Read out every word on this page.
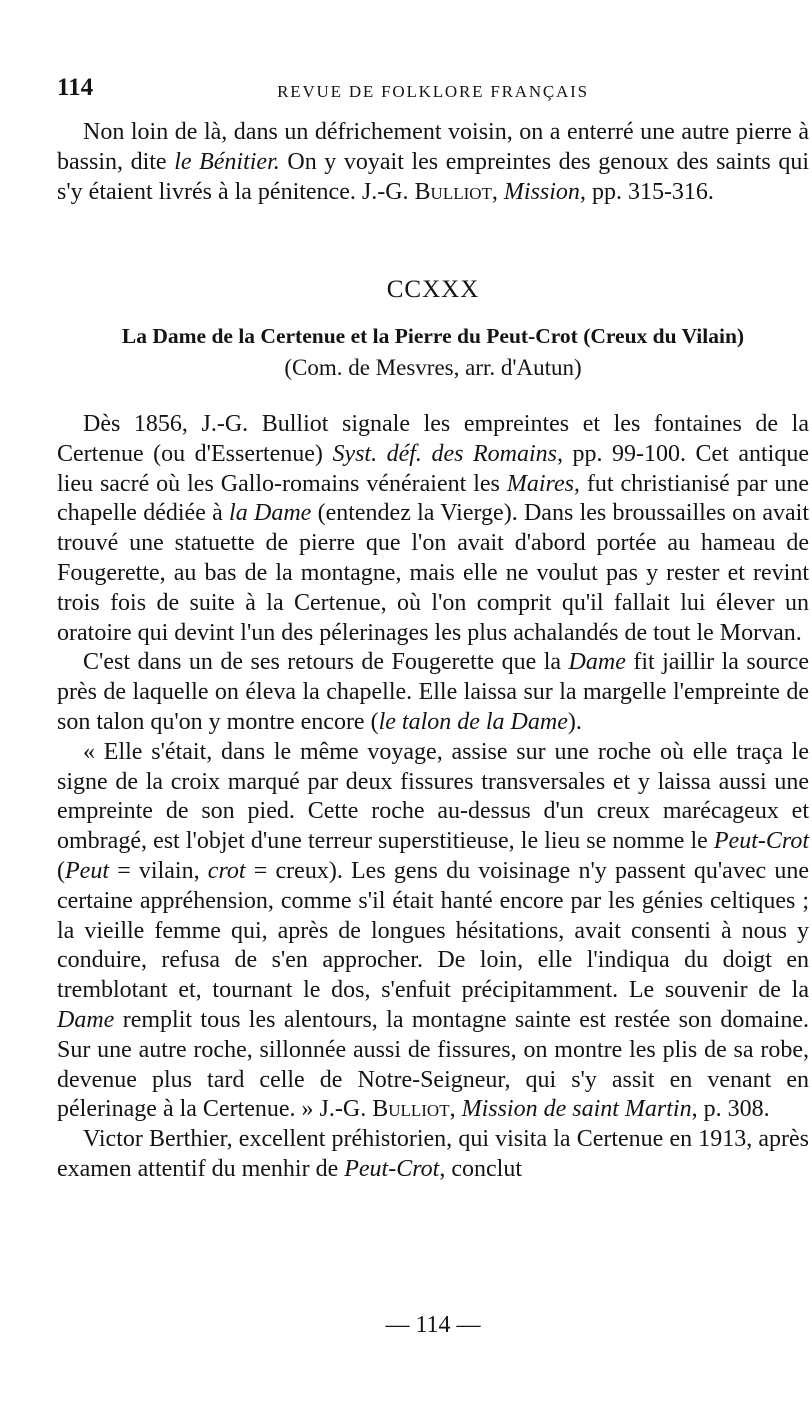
114	REVUE DE FOLKLORE FRANÇAIS

Non loin de là, dans un défrichement voisin, on a enterré une autre pierre à bassin, dite le Bénitier. On y voyait les empreintes des genoux des saints qui s'y étaient livrés à la pénitence. J.-G. Bulliot, Mission, pp. 315-316.

CCXXX
La Dame de la Certenue et la Pierre du Peut-Crot (Creux du Vilain)
(Com. de Mesvres, arr. d'Autun)

Dès 1856, J.-G. Bulliot signale les empreintes et les fontaines de la Certenue (ou d'Essertenue) Syst. déf. des Romains, pp. 99-100. Cet antique lieu sacré où les Gallo-romains vénéraient les Maires, fut christianisé par une chapelle dédiée à la Dame (entendez la Vierge). Dans les broussailles on avait trouvé une statuette de pierre que l'on avait d'abord portée au hameau de Fougerette, au bas de la montagne, mais elle ne voulut pas y rester et revint trois fois de suite à la Certenue, où l'on comprit qu'il fallait lui élever un oratoire qui devint l'un des pélerinages les plus achalandés de tout le Morvan.

C'est dans un de ses retours de Fougerette que la Dame fit jaillir la source près de laquelle on éleva la chapelle. Elle laissa sur la margelle l'empreinte de son talon qu'on y montre encore (le talon de la Dame).

« Elle s'était, dans le même voyage, assise sur une roche où elle traça le signe de la croix marqué par deux fissures transversales et y laissa aussi une empreinte de son pied. Cette roche au-dessus d'un creux marécageux et ombragé, est l'objet d'une terreur superstitieuse, le lieu se nomme le Peut-Crot (Peut = vilain, crot = creux). Les gens du voisinage n'y passent qu'avec une certaine appréhension, comme s'il était hanté encore par les génies celtiques ; la vieille femme qui, après de longues hésitations, avait consenti à nous y conduire, refusa de s'en approcher. De loin, elle l'indiqua du doigt en tremblotant et, tournant le dos, s'enfuit précipitamment. Le souvenir de la Dame remplit tous les alentours, la montagne sainte est restée son domaine. Sur une autre roche, sillonnée aussi de fissures, on montre les plis de sa robe, devenue plus tard celle de Notre-Seigneur, qui s'y assit en venant en pélerinage à la Certenue. » J.-G. Bulliot, Mission de saint Martin, p. 308.

Victor Berthier, excellent préhistorien, qui visita la Certenue en 1913, après examen attentif du menhir de Peut-Crot, conclut

— 114 —
